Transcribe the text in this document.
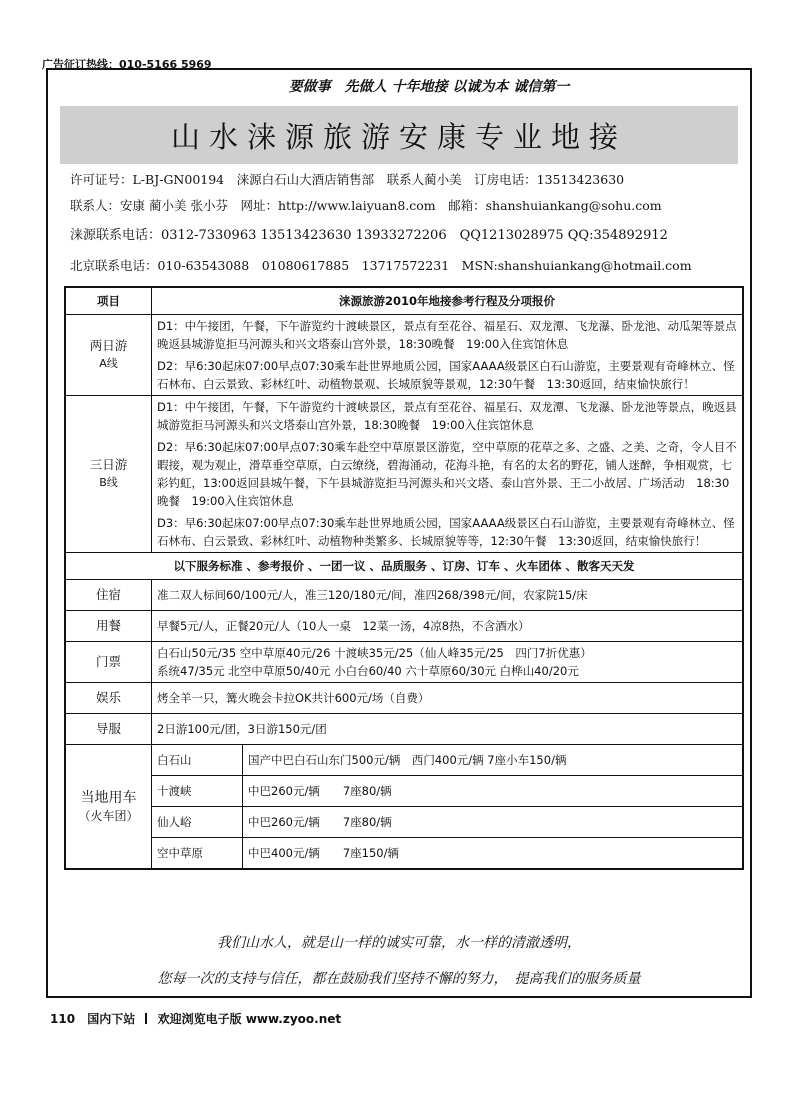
广告征订热线：010-5166 5969
要做事　先做人 十年地接 以诚为本 诚信第一
山水涞源旅游安康专业地接
许可证号：L-BJ-GN00194　涞源白石山大酒店销售部　联系人蔺小美　订房电话：13513423630
联系人：安康 蔺小美 张小芬　网址：http://www.laiyuan8.com　邮箱：shanshuiankang@sohu.com
涞源联系电话：0312-7330963 13513423630 13933272206　QQ1213028975 QQ:354892912
北京联系电话：010-63543088　01080617885　13717572231　MSN:shanshuiankang@hotmail.com
项目	涞源旅游2010年地接参考行程及分项报价	
两日游
A线	D1：中午接团，午餐，下午游览约十渡峡景区，景点有至花谷、福星石、双龙潭、飞龙瀑、卧龙池、动瓜架等景点晚返县城游览拒马河源头和兴文塔泰山宫外景，18:30晚餐　19:00入住宾馆休息
D2：早6:30起床07:00早点07:30乘车赴世界地质公园，国家AAAA级景区白石山游览，主要景观有奇峰林立、怪石林布、白云景致、彩林红叶、动植物景观、长城原貌等景观，12:30午餐　13:30返回，结束愉快旅行！	

三日游
B线	D1：中午接团，午餐，下午游览约十渡峡景区，景点有至花谷、福星石、双龙潭、飞龙瀑、卧龙池等景点，晚返县城游览拒马河源头和兴文塔泰山宫外景，18:30晚餐　19:00入住宾馆休息
D2：早6:30起床07:00早点07:30乘车赴空中草原景区游览，空中草原的花草之多、之盛、之美、之奇，令人目不暇接，观为观止，滑草垂空草原，白云缭绕，碧海涌动，花海斗艳，有名的太名的野花，铺人迷醉，争相观赏，七彩钓虹，13:00返回县城午餐，下午县城游览拒马河源头和兴文塔、泰山宫外景、王二小故居、广场活动　18:30晚餐　19:00入住宾馆休息
D3：早6:30起床07:00早点07:30乘车赴世界地质公园，国家AAAA级景区白石山游览，主要景观有奇峰林立、怪石林布、白云景致、彩林红叶、动植物种类繁多、长城原貌等等，12:30午餐　13:30返回，结束愉快旅行！	

以下服务标准 、参考报价 、一团一议 、品质服务 、订房、订车 、火车团体 、散客天天发		
住宿	准二双人标间60/100元/人，准三120/180元/间，准四268/398元/间，农家院15/床	
用餐	早餐5元/人，正餐20元/人（10人一桌　12菜一汤，4凉8热，不含酒水）	
门票	白石山50元/35 空中草原40元/26 十渡峡35元/25（仙人峰35元/25　四门7折优惠）
系统47/35元 北空中草原50/40元 小白台60/40 六十草原60/30元 白桦山40/20元	
娱乐	烤全羊一只，篝火晚会卡拉OK共计600元/场（自费）	
导服	2日游100元/团，3日游150元/团	
当地用车
（火车团）	白石山	国产中巴白石山东门500元/辆　西门400元/辆 7座小车150/辆
	十渡峡	中巴260元/辆　　7座80/辆
	仙人峪	中巴260元/辆　　7座80/辆
	空中草原	中巴400元/辆　　7座150/辆
我们山水人，就是山一样的诚实可靠，水一样的清澈透明，
您每一次的支持与信任，都在鼓励我们坚持不懈的努力，　提高我们的服务质量
110 国内下站 欢迎浏览电子版 www.zyoo.net
